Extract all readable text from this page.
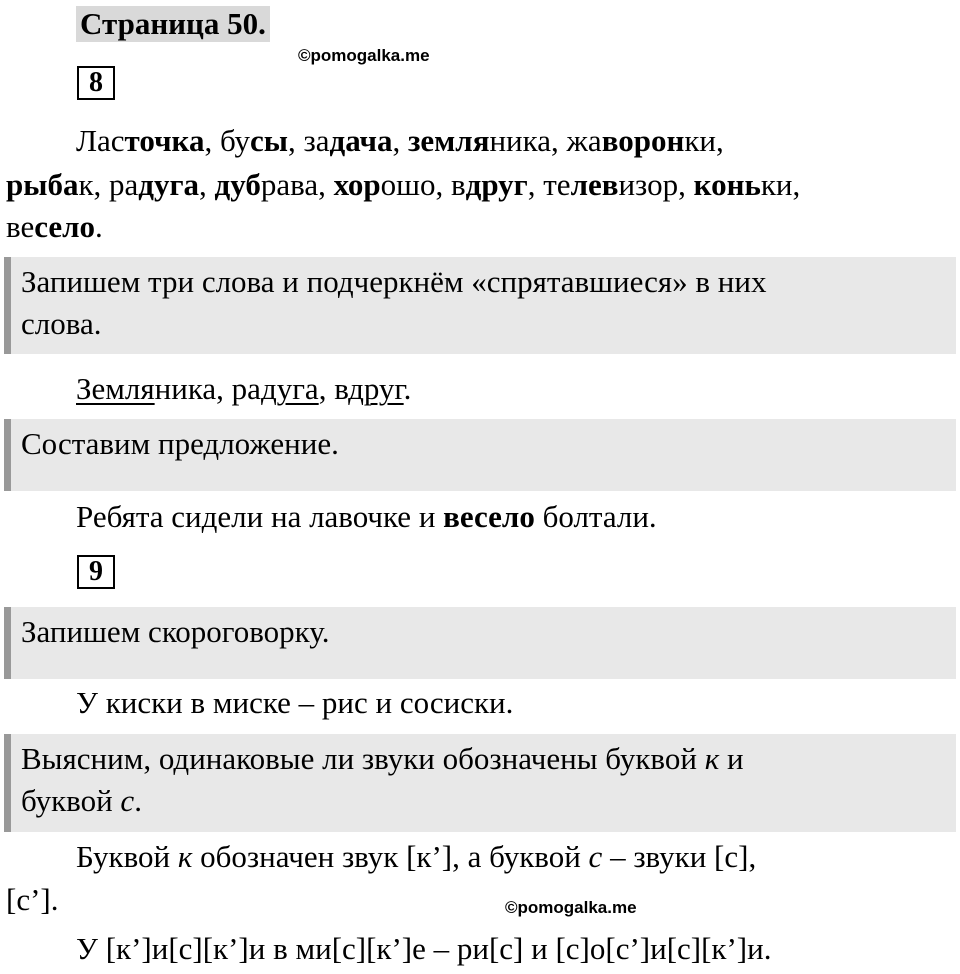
Страница 50.
©pomogalka.me
8
Ласточка, бусы, задача, земляника, жаворонки,
рыбак, радуга, дубрава, хорошо, вдруг, телевизор, коньки,
весело.
Запишем три слова и подчеркнём «спрятавшиеся» в них
слова.
Земляника, радуга, вдруг.
Составим предложение.
Ребята сидели на лавочке и весело болтали.
9
Запишем скороговорку.
У киски в миске – рис и сосиски.
Выясним, одинаковые ли звуки обозначены буквой к и
буквой с.
Буквой к обозначен звук [к’], а буквой с – звуки [с],
[с’].	©pomogalka.me
У [к’]и[с][к’]и в ми[с][к’]е – ри[с] и [с]о[с’]и[с][к’]и.
